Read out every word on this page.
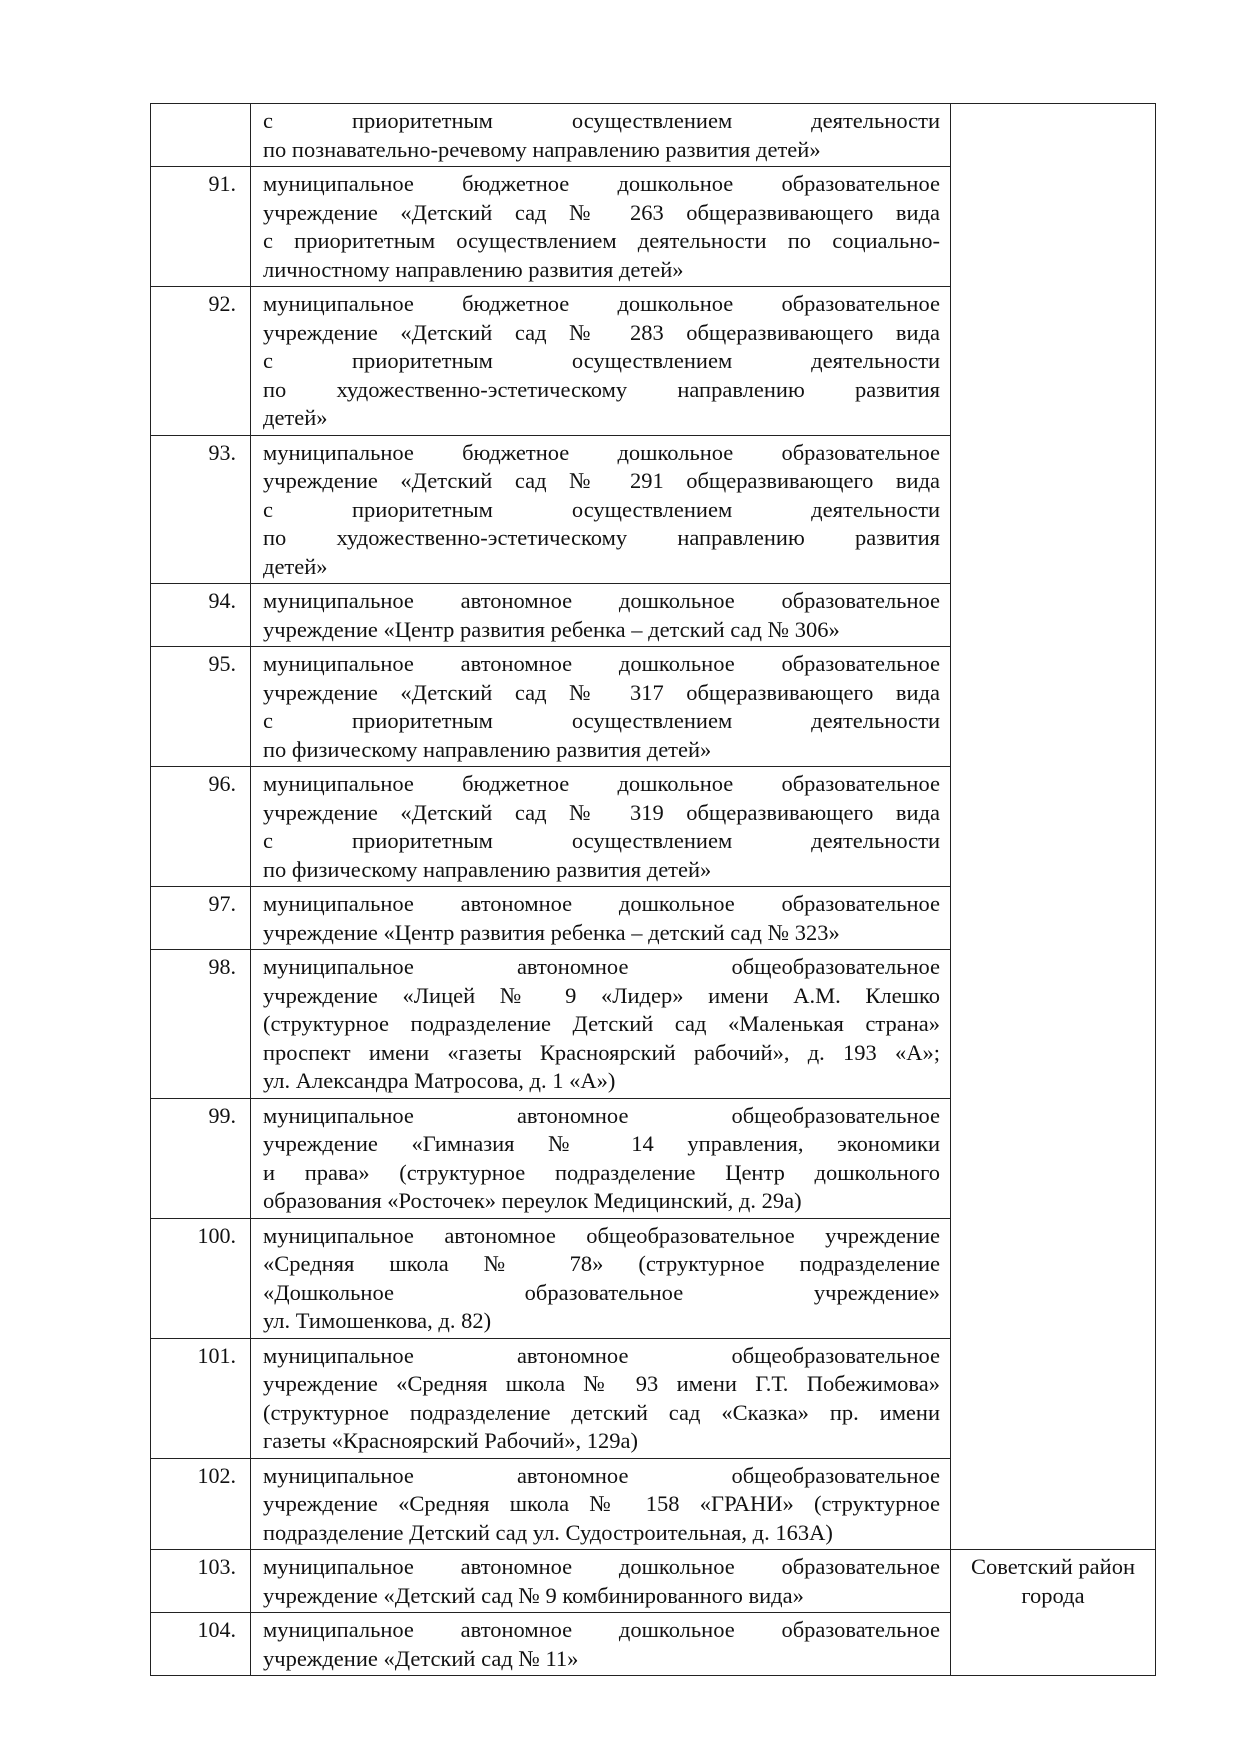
	с приоритетным осуществлением деятельности
по познавательно-речевому направлению развития детей»	

91.	муниципальное бюджетное дошкольное образовательное
учреждение «Детский сад № 263 общеразвивающего вида
с приоритетным осуществлением деятельности по социально-
личностному направлению развития детей»	

92.	муниципальное бюджетное дошкольное образовательное
учреждение «Детский сад № 283 общеразвивающего вида
с приоритетным осуществлением деятельности
по художественно-эстетическому направлению развития
детей»	

93.	муниципальное бюджетное дошкольное образовательное
учреждение «Детский сад № 291 общеразвивающего вида
с приоритетным осуществлением деятельности
по художественно-эстетическому направлению развития
детей»	

94.	муниципальное автономное дошкольное образовательное
учреждение «Центр развития ребенка – детский сад № 306»	

95.	муниципальное автономное дошкольное образовательное
учреждение «Детский сад № 317 общеразвивающего вида
с приоритетным осуществлением деятельности
по физическому направлению развития детей»	

96.	муниципальное бюджетное дошкольное образовательное
учреждение «Детский сад № 319 общеразвивающего вида
с приоритетным осуществлением деятельности
по физическому направлению развития детей»	

97.	муниципальное автономное дошкольное образовательное
учреждение «Центр развития ребенка – детский сад № 323»	

98.	муниципальное автономное общеобразовательное
учреждение «Лицей № 9 «Лидер» имени А.М. Клешко
(структурное подразделение Детский сад «Маленькая страна»
проспект имени «газеты Красноярский рабочий», д. 193 «А»;
ул. Александра Матросова, д. 1 «А»)	

99.	муниципальное автономное общеобразовательное
учреждение «Гимназия № 14 управления, экономики
и права» (структурное подразделение Центр дошкольного
образования «Росточек» переулок Медицинский, д. 29а)	

100.	муниципальное автономное общеобразовательное учреждение
«Средняя школа № 78» (структурное подразделение
«Дошкольное образовательное учреждение»
ул. Тимошенкова, д. 82)	

101.	муниципальное автономное общеобразовательное
учреждение «Средняя школа № 93 имени Г.Т. Побежимова»
(структурное подразделение детский сад «Сказка» пр. имени
газеты «Красноярский Рабочий», 129а)	

102.	муниципальное автономное общеобразовательное
учреждение «Средняя школа № 158 «ГРАНИ» (структурное
подразделение Детский сад ул. Судостроительная, д. 163А)	

103.	муниципальное автономное дошкольное образовательное
учреждение «Детский сад № 9 комбинированного вида»	Советский район
города

104.	муниципальное автономное дошкольное образовательное
учреждение «Детский сад № 11»	
